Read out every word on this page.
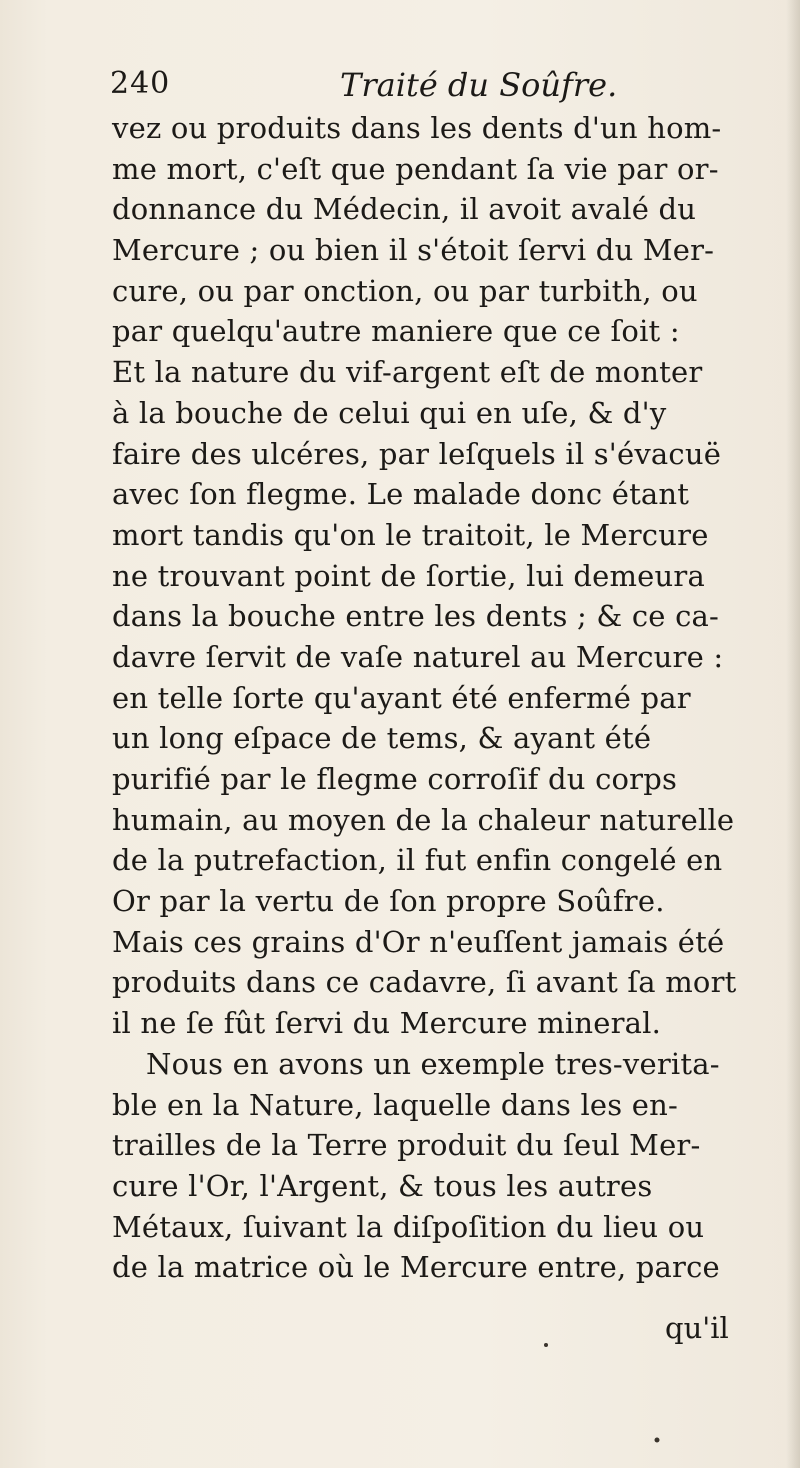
240	Traité du Soûfre.
vez ou produits dans les dents d'un hom-
me mort, c'eſt que pendant ſa vie par or-
donnance du Médecin, il avoit avalé du
Mercure ; ou bien il s'étoit ſervi du Mer-
cure, ou par onction, ou par turbith, ou
par quelqu'autre maniere que ce ſoit :
Et la nature du vif-argent eſt de monter
à la bouche de celui qui en uſe, & d'y
faire des ulcéres, par leſquels il s'évacuë
avec ſon flegme. Le malade donc étant
mort tandis qu'on le traitoit, le Mercure
ne trouvant point de ſortie, lui demeura
dans la bouche entre les dents ; & ce ca-
davre ſervit de vaſe naturel au Mercure :
en telle ſorte qu'ayant été enfermé par
un long eſpace de tems, & ayant été
purifié par le flegme corroſif du corps
humain, au moyen de la chaleur naturelle
de la putrefaction, il fut enfin congelé en
Or par la vertu de ſon propre Soûfre.
Mais ces grains d'Or n'euſſent jamais été
produits dans ce cadavre, ſi avant ſa mort
il ne ſe fût ſervi du Mercure mineral.
Nous en avons un exemple tres-verita-
ble en la Nature, laquelle dans les en-
trailles de la Terre produit du ſeul Mer-
cure l'Or, l'Argent, & tous les autres
Métaux, ſuivant la diſpoſition du lieu ou
de la matrice où le Mercure entre, parce
qu'il
